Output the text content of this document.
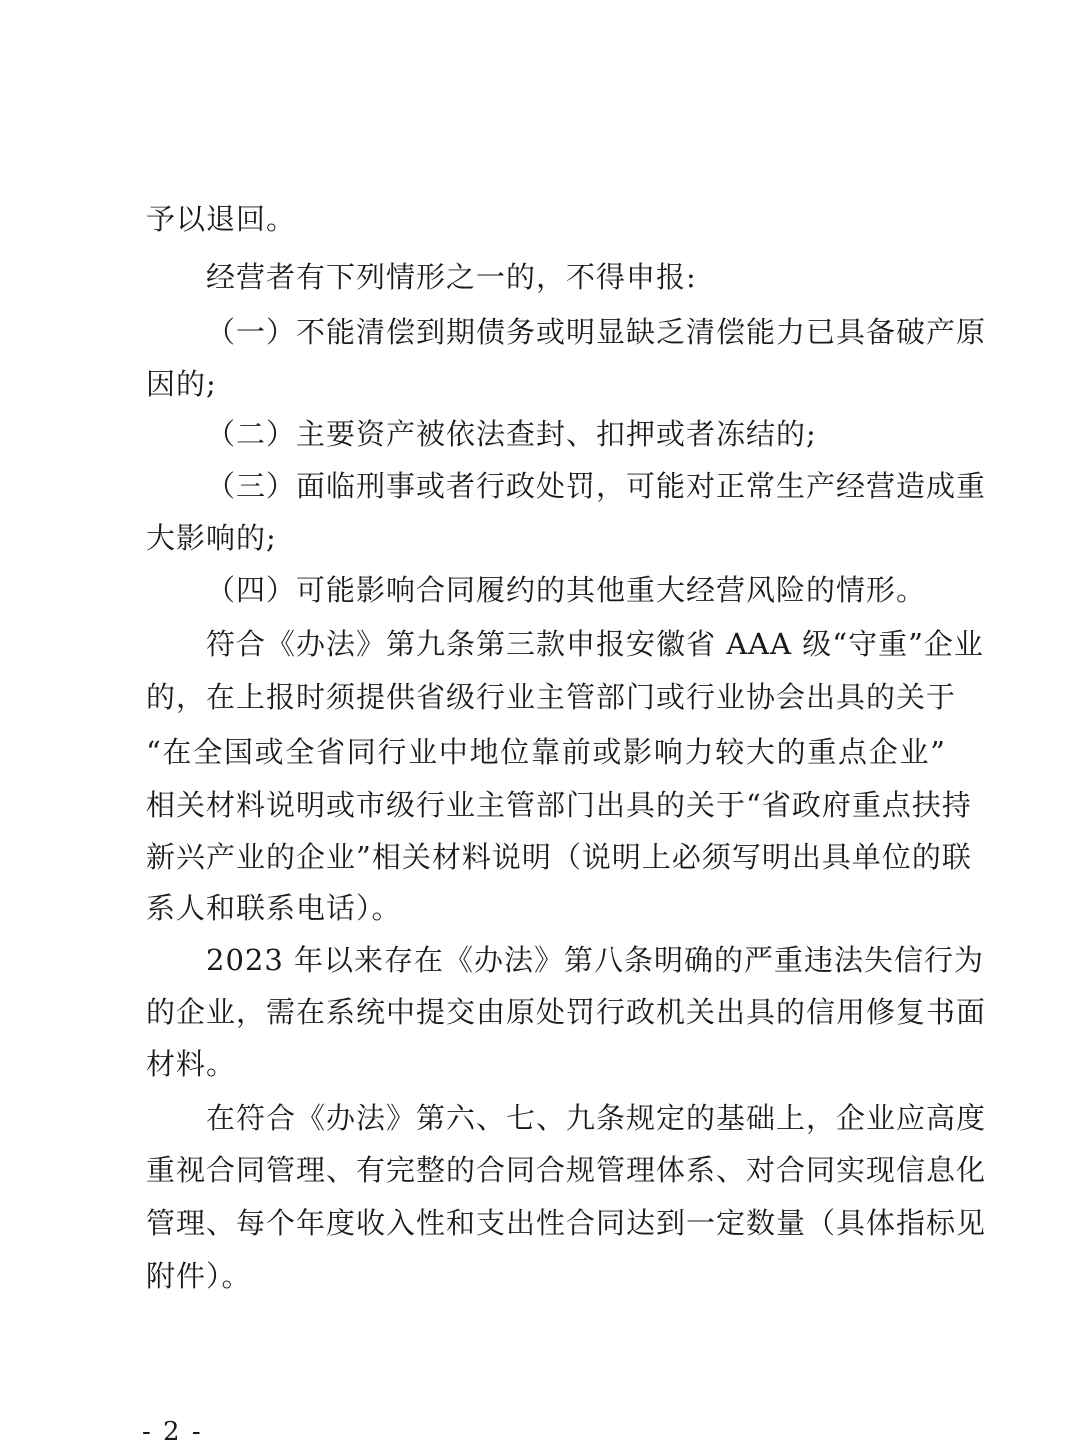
予以退回。
经营者有下列情形之一的，不得申报:
（一）不能清偿到期债务或明显缺乏清偿能力已具备破产原
因的;
（二）主要资产被依法查封、扣押或者冻结的;
（三）面临刑事或者行政处罚，可能对正常生产经营造成重
大影响的;
（四）可能影响合同履约的其他重大经营风险的情形。
符合《办法》第九条第三款申报安徽省 AAA 级“守重”企业
的，在上报时须提供省级行业主管部门或行业协会出具的关于
“在全国或全省同行业中地位靠前或影响力较大的重点企业”
相关材料说明或市级行业主管部门出具的关于“省政府重点扶持
新兴产业的企业”相关材料说明（说明上必须写明出具单位的联
系人和联系电话）。
2023 年以来存在《办法》第八条明确的严重违法失信行为
的企业，需在系统中提交由原处罚行政机关出具的信用修复书面
材料。
在符合《办法》第六、七、九条规定的基础上，企业应高度
重视合同管理、有完整的合同合规管理体系、对合同实现信息化
管理、每个年度收入性和支出性合同达到一定数量（具体指标见
附件）。
- 2 -
